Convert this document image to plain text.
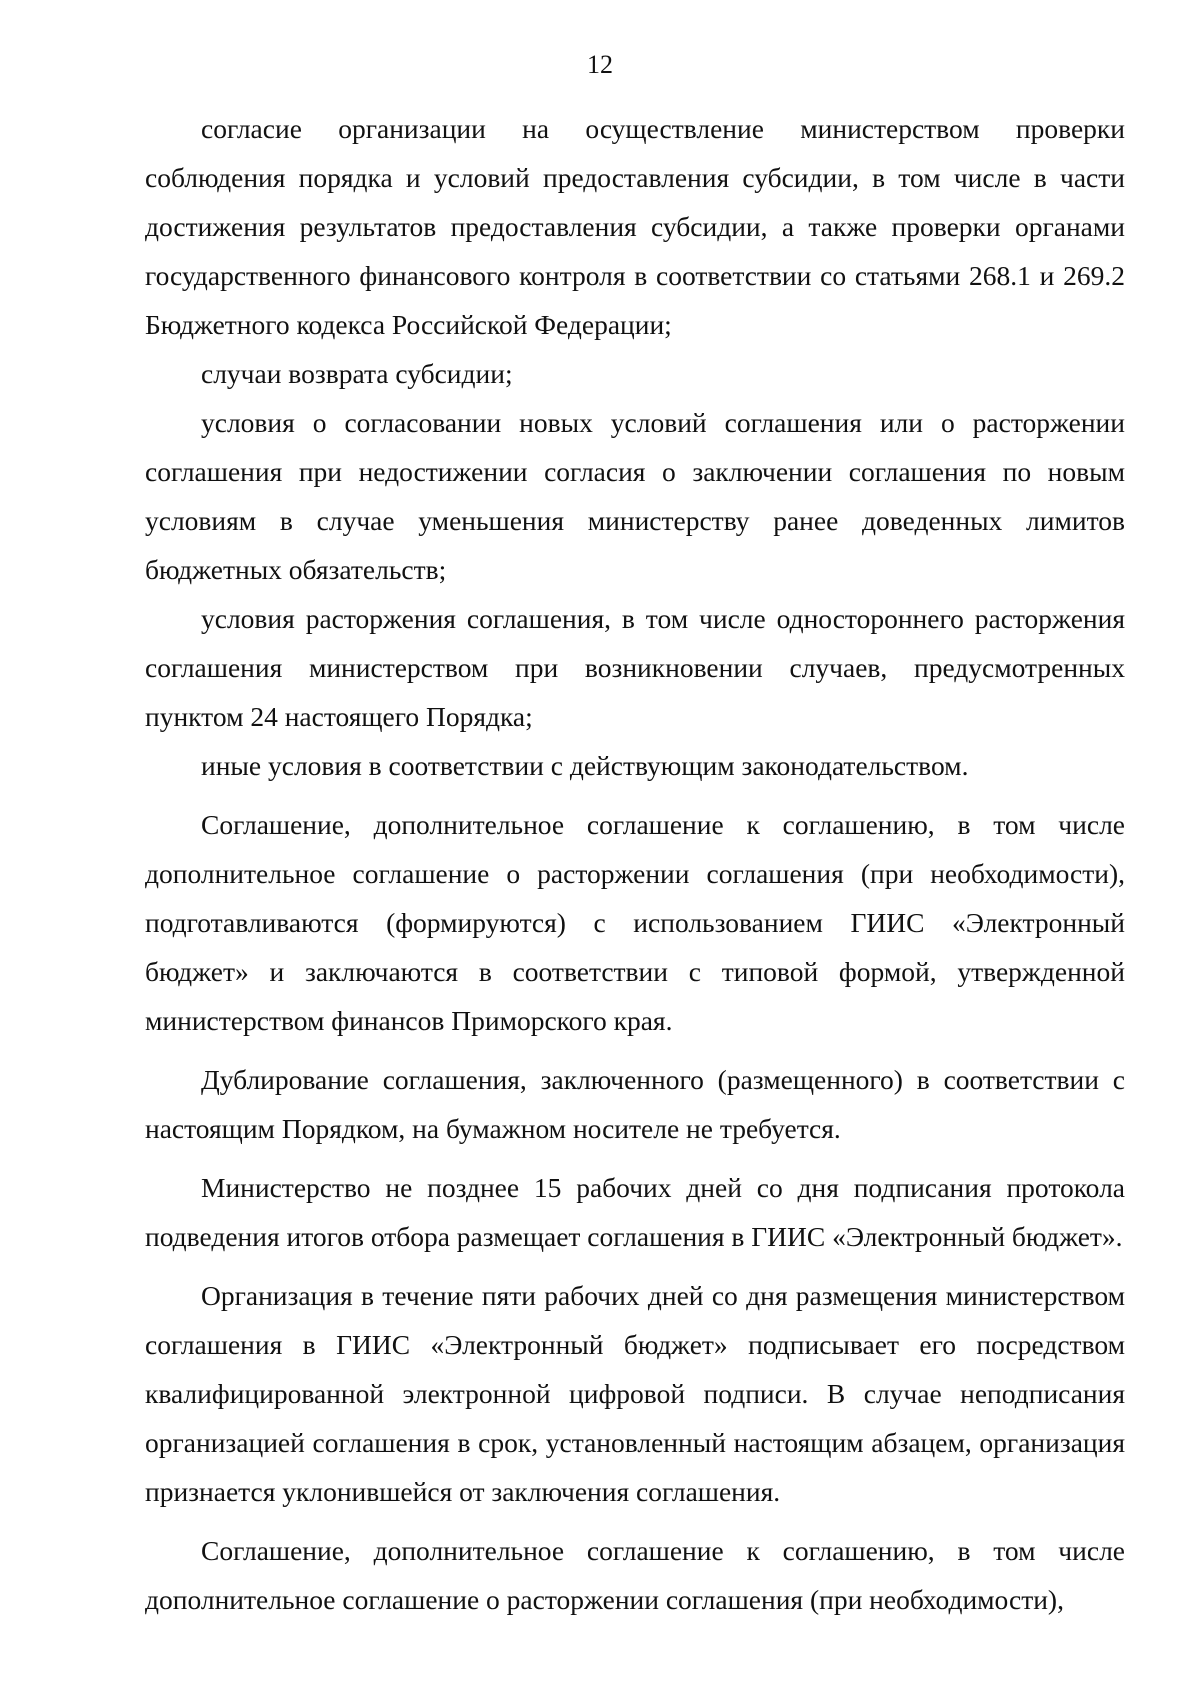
12

согласие организации на осуществление министерством проверки соблюдения порядка и условий предоставления субсидии, в том числе в части достижения результатов предоставления субсидии, а также проверки органами государственного финансового контроля в соответствии со статьями 268.1 и 269.2 Бюджетного кодекса Российской Федерации;

случаи возврата субсидии;

условия о согласовании новых условий соглашения или о расторжении соглашения при недостижении согласия о заключении соглашения по новым условиям в случае уменьшения министерству ранее доведенных лимитов бюджетных обязательств;

условия расторжения соглашения, в том числе одностороннего расторжения соглашения министерством при возникновении случаев, предусмотренных пунктом 24 настоящего Порядка;

иные условия в соответствии с действующим законодательством.

Соглашение, дополнительное соглашение к соглашению, в том числе дополнительное соглашение о расторжении соглашения (при необходимости), подготавливаются (формируются) с использованием ГИИС «Электронный бюджет» и заключаются в соответствии с типовой формой, утвержденной министерством финансов Приморского края.

Дублирование соглашения, заключенного (размещенного) в соответствии с настоящим Порядком, на бумажном носителе не требуется.

Министерство не позднее 15 рабочих дней со дня подписания протокола подведения итогов отбора размещает соглашения в ГИИС «Электронный бюджет».

Организация в течение пяти рабочих дней со дня размещения министерством соглашения в ГИИС «Электронный бюджет» подписывает его посредством квалифицированной электронной цифровой подписи. В случае неподписания организацией соглашения в срок, установленный настоящим абзацем, организация признается уклонившейся от заключения соглашения.

Соглашение, дополнительное соглашение к соглашению, в том числе дополнительное соглашение о расторжении соглашения (при необходимости),
